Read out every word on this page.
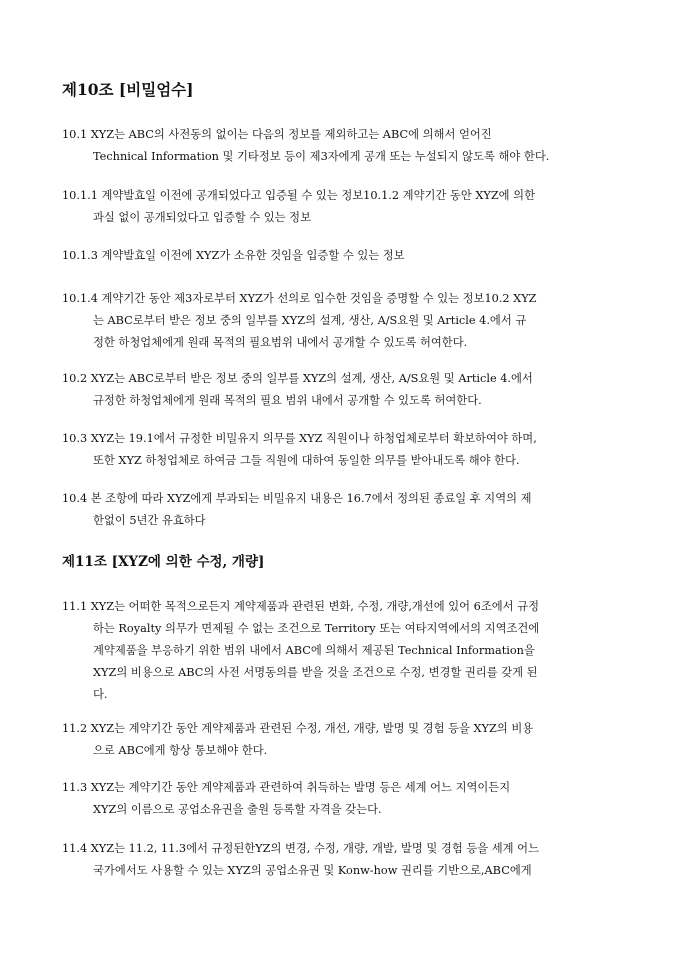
제10조 [비밀엄수]
10.1 XYZ는 ABC의 사전동의 없이는 다음의 정보를 제외하고는 ABC에 의해서 얻어진
Technical Information 및 기타정보 등이 제3자에게 공개 또는 누설되지 않도록 해야 한다.
10.1.1 계약발효일 이전에 공개되었다고 입증될 수 있는 정보10.1.2 계약기간 동안 XYZ에 의한
과실 없이 공개되었다고 입증할 수 있는 정보
10.1.3 계약발효일 이전에 XYZ가 소유한 것임을 입증할 수 있는 정보
10.1.4 계약기간 동안 제3자로부터 XYZ가 선의로 입수한 것임을 증명할 수 있는 정보10.2 XYZ
는 ABC로부터 받은 정보 중의 일부를 XYZ의 설계, 생산, A/S요원 및 Article 4.에서 규
정한 하청업체에게 원래 목적의 필요범위 내에서 공개할 수 있도록 허여한다.
10.2 XYZ는 ABC로부터 받은 정보 중의 일부를 XYZ의 설계, 생산, A/S요원 및 Article 4.에서
규정한 하청업체에게 원래 목적의 필요 범위 내에서 공개할 수 있도록 허여한다.
10.3 XYZ는 19.1에서 규정한 비밀유지 의무를 XYZ 직원이나 하청업체로부터 확보하여야 하며,
또한 XYZ 하청업체로 하여금 그들 직원에 대하여 동일한 의무를 받아내도록 해야 한다.
10.4 본 조항에 따라 XYZ에게 부과되는 비밀유지 내용은 16.7에서 정의된 종료일 후 지역의 제
한없이 5년간 유효하다
제11조 [XYZ에 의한 수정, 개량]
11.1 XYZ는 어떠한 목적으로든지 계약제품과 관련된 변화, 수정, 개량,개선에 있어 6조에서 규정
하는 Royalty 의무가 면제될 수 없는 조건으로 Territory 또는 여타지역에서의 지역조건에
계약제품을 부응하기 위한 범위 내에서 ABC에 의해서 제공된 Technical Information을
XYZ의 비용으로 ABC의 사전 서명동의를 받을 것을 조건으로 수정, 변경할 권리를 갖게 된
다.
11.2 XYZ는 계약기간 동안 계약제품과 관련된 수정, 개선, 개량, 발명 및 경험 등을 XYZ의 비용
으로 ABC에게 항상 통보해야 한다.
11.3 XYZ는 계약기간 동안 계약제품과 관련하여 취득하는 발명 등은 세계 어느 지역이든지
XYZ의 이름으로 공업소유권을 출원 등록할 자격을 갖는다.
11.4 XYZ는 11.2, 11.3에서 규정된한YZ의 변경, 수정, 개량, 개발, 발명 및 경험 등을 세계 어느
국가에서도 사용할 수 있는 XYZ의 공업소유권 및 Konw-how 권리를 기반으로,ABC에게
